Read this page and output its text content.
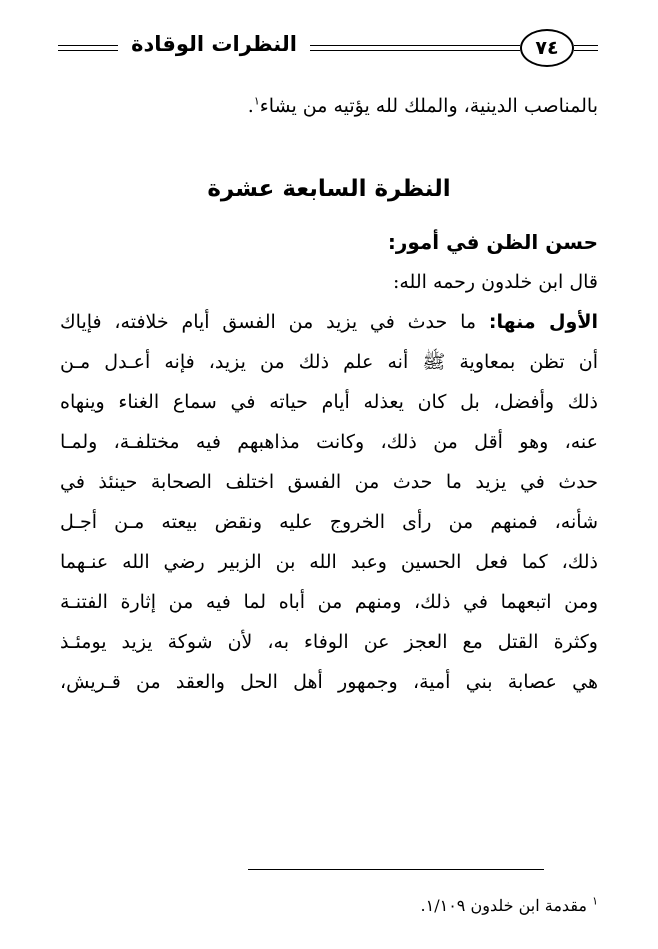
النظرات الوقادة	٧٤

بالمناصب الدينية، والملك لله يؤتيه من يشاء$^١$.

النظرة السابعة عشرة

حسن الظن في أمور:

قال ابن خلدون رحمه الله:

الأول منها: ما حدث في يزيد من الفسق أيام خلافته، فإياك

أن تظن بمعاوية ﷺ أنه علم ذلك من يزيد، فإنه أعـدل مـن

ذلك وأفضل، بل كان يعذله أيام حياته في سماع الغناء وينهاه

عنه، وهو أقل من ذلك، وكانت مذاهبهم فيه مختلفـة، ولمـا

حدث في يزيد ما حدث من الفسق اختلف الصحابة حينئذ في

شأنه، فمنهم من رأى الخروج عليه ونقض بيعته مـن أجـل

ذلك، كما فعل الحسين وعبد الله بن الزبير رضي الله عنـهما

ومن اتبعهما في ذلك، ومنهم من أباه لما فيه من إثارة الفتنـة

وكثرة القتل مع العجز عن الوفاء به، لأن شوكة يزيد يومئـذ

هي عصابة بني أمية، وجمهور أهل الحل والعقد من قـريش،

$^١$ مقدمة ابن خلدون ١/١٠٩.
